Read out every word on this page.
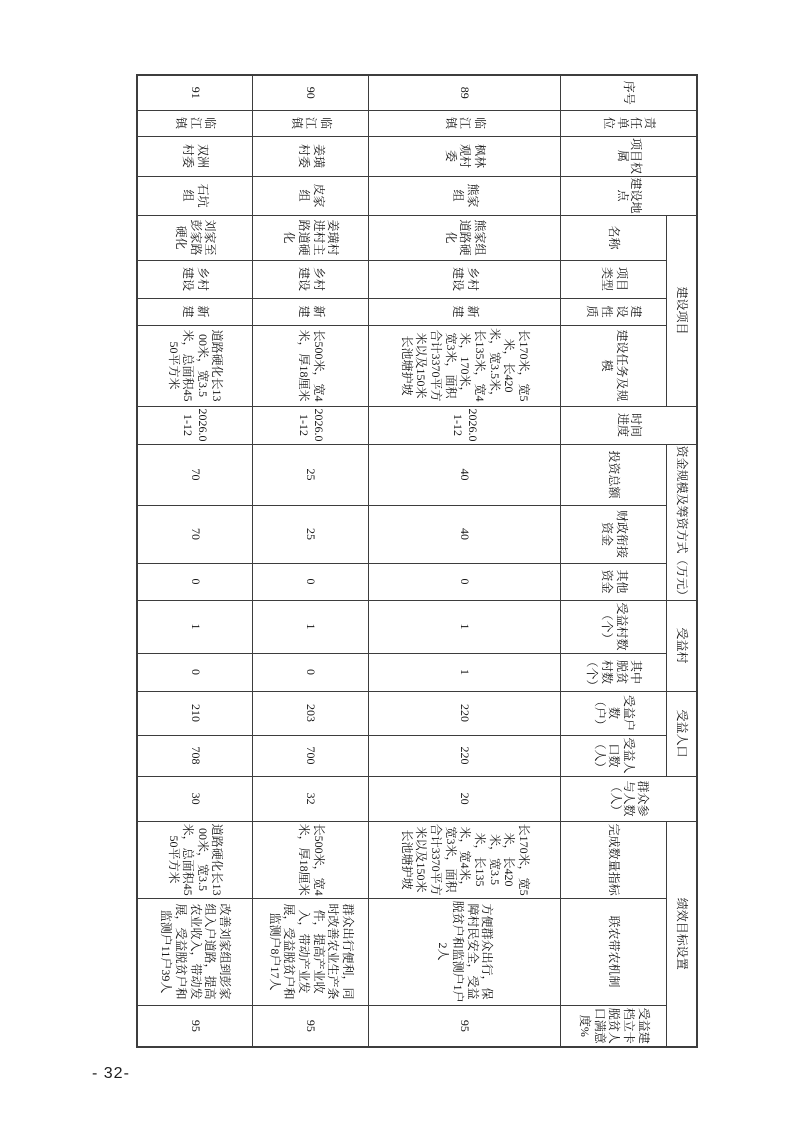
序号	责任单位	项目权属	建设地点	建设项目				时间进度	资金规模及筹资方式（万元）			受益村		受益人口		群众参与人数（人）	绩效目标设置		
				名称	项目类型	建设性质	建设任务及规模		投资总额	财政衔接资金	其他资金	受益村数（个）	其中脱贫村数（个）	受益户数（户）	受益人口数（人）		完成数量指标	联农带农机制	受益建档立卡脱贫人口满意度%
89	临江镇	枫林观村委	熊家组	熊家组道路硬化	乡村建设	新建	长170米，宽5米，长420米，宽3.5米，长135米，宽4米，170米，宽3米，面积合计3370平方米以及150米长池塘护坡	2026.01-12	40	40	0	1	1	220	220	20	长170米，宽5米，长420米，宽3.5米，长135米，宽4米，宽3米，面积合计3370平方米以及150米长池塘护坡	方便群众出行，保障村民安全，受益脱贫户和监测户1户2人	95
90	临江镇	姜璜村委	皮家组	姜璜村进村主路道硬化	乡村建设	新建	长500米，宽4米，厚18厘米	2026.01-12	25	25	0	1	0	203	700	32	长500米，宽4米，厚18厘米	群众出行便利，同时改善农业生产条件，提高产业收入，带动产业发展，受益脱贫户和监测户8户17人	95
91	临江镇	双洲村委	石坑组	刘家至彭家路硬化	乡村建设	新建	道路硬化长1300米，宽3.5米，总面积4550平方米	2026.01-12	70	70	0	1	0	210	708	30	道路硬化长1300米，宽3.5米，总面积4550平方米	改善刘家组到彭家组入户道路，提高农业收入，带动发展，受益脱贫户和监测户11户39人	95
- 32-
